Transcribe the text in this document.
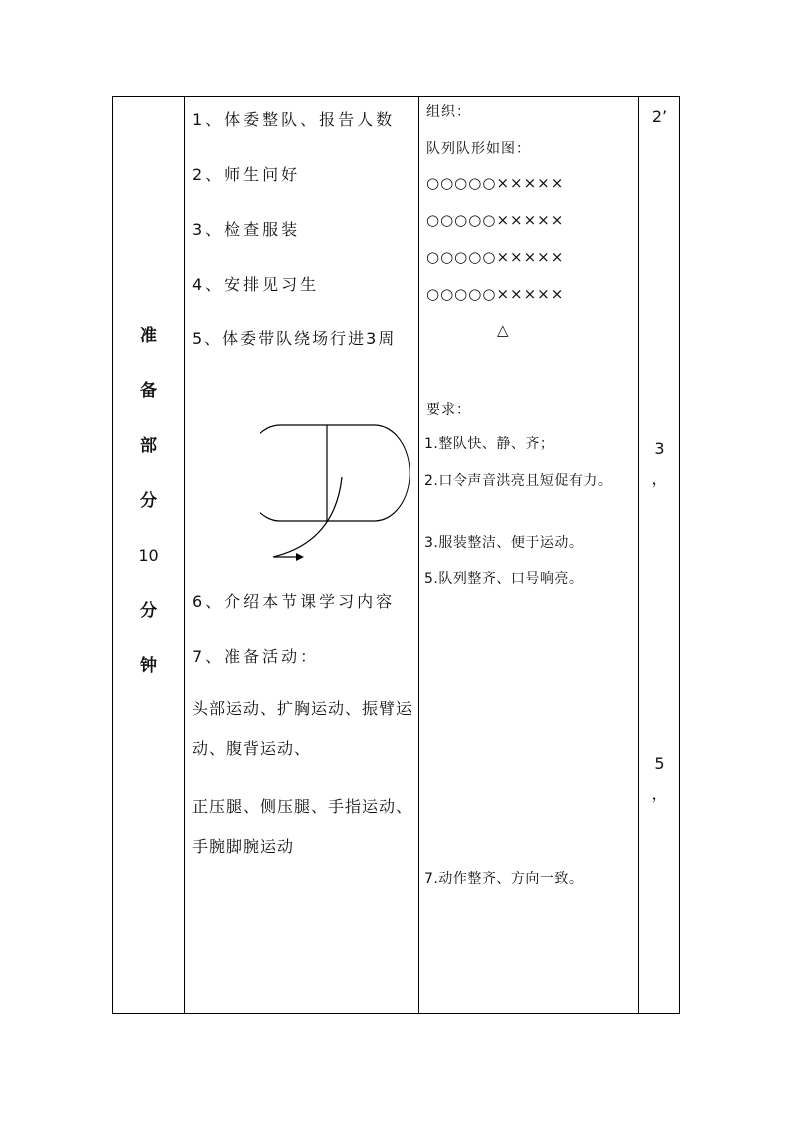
准
备
部
分
10
分
钟
1、体委整队、报告人数
2、师生问好
3、检查服装
4、安排见习生
5、体委带队绕场行进3周
6、介绍本节课学习内容
7、准备活动：
头部运动、扩胸运动、振臂运动、腹背运动、
正压腿、侧压腿、手指运动、手腕脚腕运动
组织：
队列队形如图：
○○○○○×××××
○○○○○×××××
○○○○○×××××
○○○○○×××××
△
要求：
1.整队快、静、齐；
2.口令声音洪亮且短促有力。
3.服装整洁、便于运动。
5.队列整齐、口号响亮。
7.动作整齐、方向一致。
2’
3
，
5
，
